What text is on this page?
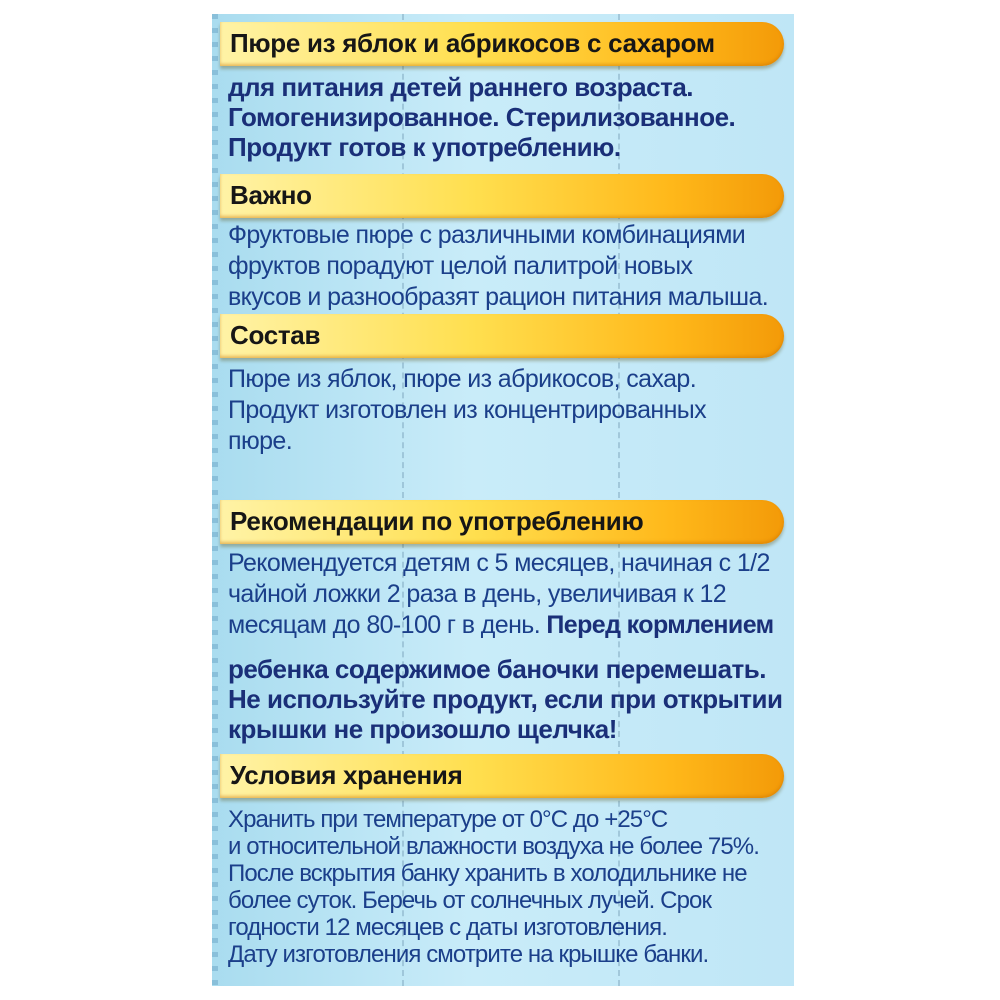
Пюре из яблок и абрикосов с сахаром
для питания детей раннего возраста.
Гомогенизированное. Стерилизованное.
Продукт готов к употреблению.
Важно
Фруктовые пюре с различными комбинациями
фруктов порадуют целой палитрой новых
вкусов и разнообразят рацион питания малыша.
Состав
Пюре из яблок, пюре из абрикосов, сахар.
Продукт изготовлен из концентрированных
пюре.
Рекомендации по употреблению
Рекомендуется детям с 5 месяцев, начиная с 1/2
чайной ложки 2 раза в день, увеличивая к 12
месяцам до 80-100 г в день. Перед кормлением
ребенка содержимое баночки перемешать.
Не используйте продукт, если при открытии
крышки не произошло щелчка!
Условия хранения
Хранить при температуре от 0°С до +25°С
и относительной влажности воздуха не более 75%.
После вскрытия банку хранить в холодильнике не
более суток. Беречь от солнечных лучей. Срок
годности 12 месяцев с даты изготовления.
Дату изготовления смотрите на крышке банки.
